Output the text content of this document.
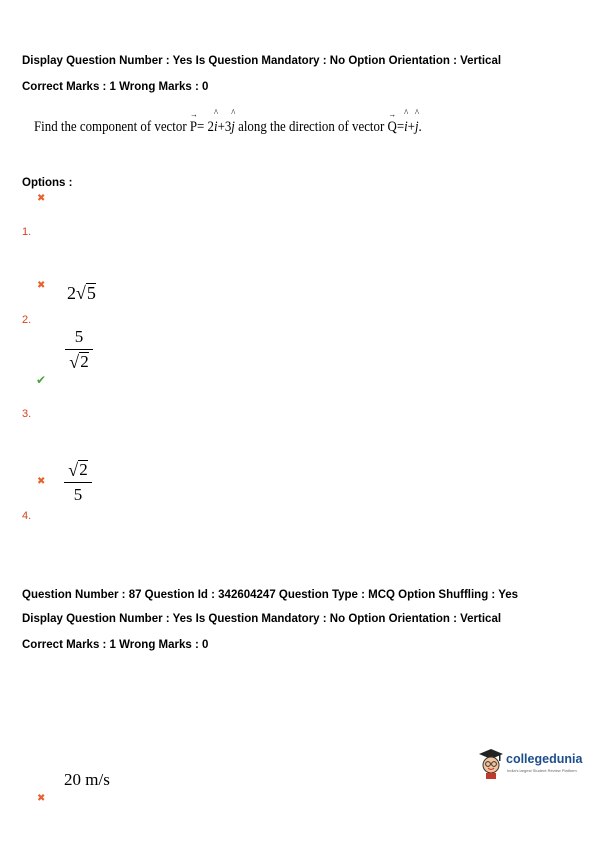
Display Question Number : Yes Is Question Mandatory : No Option Orientation : Vertical
Correct Marks : 1 Wrong Marks : 0
Find the component of vector
→
P= 2
^
i+3
^
j along the direction of vector
→
Q=
^
i+
^
j.
Options :
✖
1.
✖ 2 √ 5
2.
5
√ 2
✔
3.
✖
√ 2
5
4.
Question Number : 87 Question Id : 342604247 Question Type : MCQ Option Shuffling : Yes
Display Question Number : Yes Is Question Mandatory : No Option Orientation : Vertical
Correct Marks : 1 Wrong Marks : 0
collegedunia
India's largest Student Review Platform
20 m/s
✖
